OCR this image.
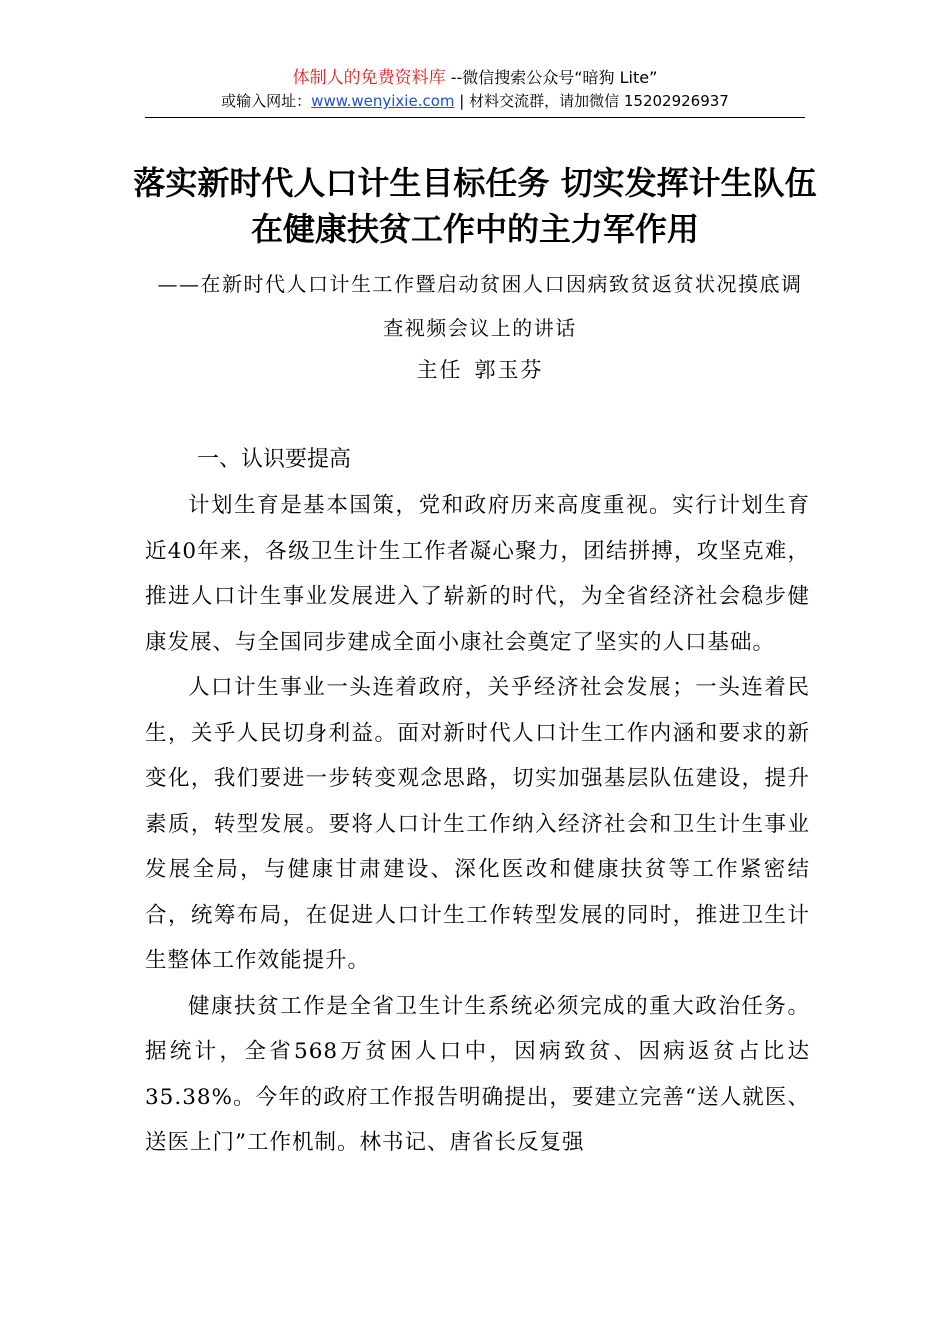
体制人的免费资料库 --微信搜索公众号“暗狗 Lite”
或输入网址：www.wenyixie.com | 材料交流群，请加微信 15202926937
落实新时代人口计生目标任务 切实发挥计生队伍在健康扶贫工作中的主力军作用
——在新时代人口计生工作暨启动贫困人口因病致贫返贫状况摸底调查视频会议上的讲话
主任 郭玉芬
一、认识要提高

计划生育是基本国策，党和政府历来高度重视。实行计划生育近40年来，各级卫生计生工作者凝心聚力，团结拼搏，攻坚克难，推进人口计生事业发展进入了崭新的时代，为全省经济社会稳步健康发展、与全国同步建成全面小康社会奠定了坚实的人口基础。

人口计生事业一头连着政府，关乎经济社会发展；一头连着民生，关乎人民切身利益。面对新时代人口计生工作内涵和要求的新变化，我们要进一步转变观念思路，切实加强基层队伍建设，提升素质，转型发展。要将人口计生工作纳入经济社会和卫生计生事业发展全局，与健康甘肃建设、深化医改和健康扶贫等工作紧密结合，统筹布局，在促进人口计生工作转型发展的同时，推进卫生计生整体工作效能提升。

健康扶贫工作是全省卫生计生系统必须完成的重大政治任务。据统计，全省568万贫困人口中，因病致贫、因病返贫占比达35.38%。今年的政府工作报告明确提出，要建立完善“送人就医、送医上门”工作机制。林书记、唐省长反复强
